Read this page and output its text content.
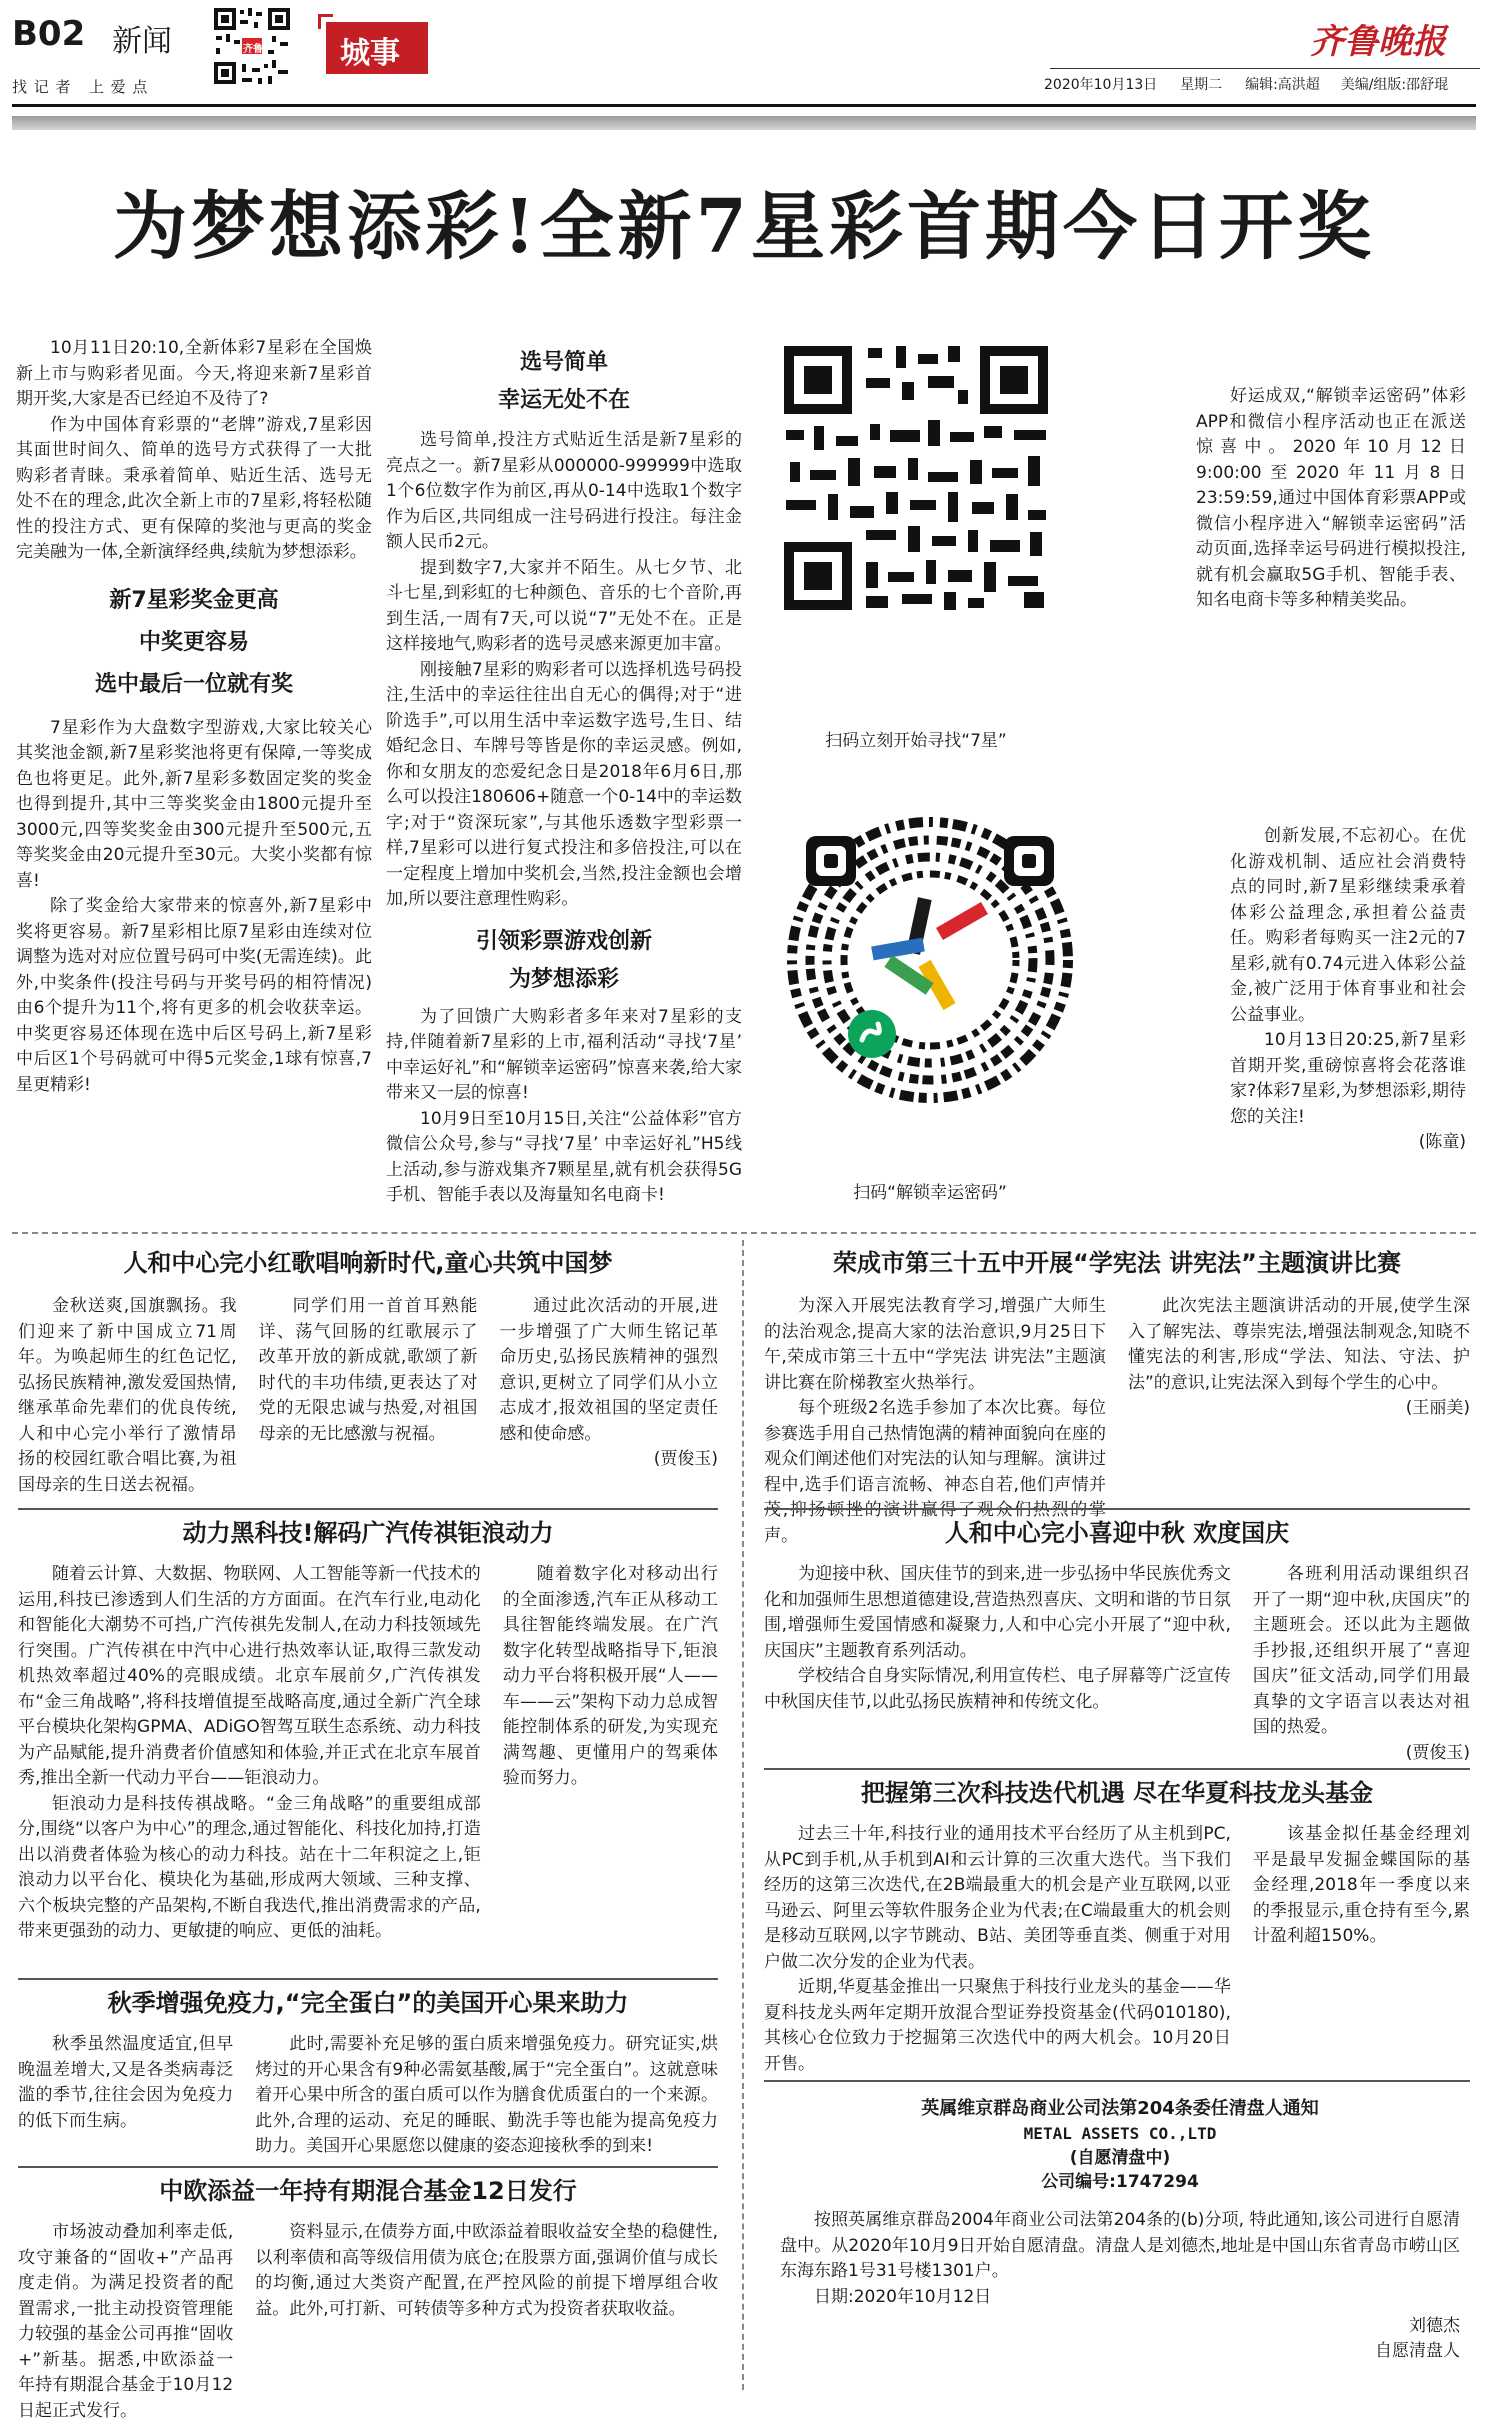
B02 新闻
找 记 者   上 爱 点
齐鲁	城事	齐鲁晚报
2020年10月13日 星期二 编辑:高洪超 美编/组版:邵舒琨
为梦想添彩!全新7星彩首期今日开奖

10月11日20:10,全新体彩7星彩在全国焕新上市与购彩者见面。今天,将迎来新7星彩首期开奖,大家是否已经迫不及待了?

作为中国体育彩票的“老牌”游戏,7星彩因其面世时间久、简单的选号方式获得了一大批购彩者青睐。秉承着简单、贴近生活、选号无处不在的理念,此次全新上市的7星彩,将轻松随性的投注方式、更有保障的奖池与更高的奖金完美融为一体,全新演绎经典,续航为梦想添彩。

新7星彩奖金更高
中奖更容易
选中最后一位就有奖

7星彩作为大盘数字型游戏,大家比较关心其奖池金额,新7星彩奖池将更有保障,一等奖成色也将更足。此外,新7星彩多数固定奖的奖金也得到提升,其中三等奖奖金由1800元提升至3000元,四等奖奖金由300元提升至500元,五等奖奖金由20元提升至30元。大奖小奖都有惊喜!

除了奖金给大家带来的惊喜外,新7星彩中奖将更容易。新7星彩相比原7星彩由连续对位调整为选对对应位置号码可中奖(无需连续)。此外,中奖条件(投注号码与开奖号码的相符情况)由6个提升为11个,将有更多的机会收获幸运。中奖更容易还体现在选中后区号码上,新7星彩中后区1个号码就可中得5元奖金,1球有惊喜,7星更精彩!

选号简单
幸运无处不在

选号简单,投注方式贴近生活是新7星彩的亮点之一。新7星彩从000000-999999中选取1个6位数字作为前区,再从0-14中选取1个数字作为后区,共同组成一注号码进行投注。每注金额人民币2元。

提到数字7,大家并不陌生。从七夕节、北斗七星,到彩虹的七种颜色、音乐的七个音阶,再到生活,一周有7天,可以说“7”无处不在。正是这样接地气,购彩者的选号灵感来源更加丰富。

刚接触7星彩的购彩者可以选择机选号码投注,生活中的幸运往往出自无心的偶得;对于“进阶选手”,可以用生活中幸运数字选号,生日、结婚纪念日、车牌号等皆是你的幸运灵感。例如,你和女朋友的恋爱纪念日是2018年6月6日,那么可以投注180606+随意一个0-14中的幸运数字;对于“资深玩家”,与其他乐透数字型彩票一样,7星彩可以进行复式投注和多倍投注,可以在一定程度上增加中奖机会,当然,投注金额也会增加,所以要注意理性购彩。

引领彩票游戏创新
为梦想添彩

为了回馈广大购彩者多年来对7星彩的支持,伴随着新7星彩的上市,福利活动“寻找‘7星’ 中幸运好礼”和“解锁幸运密码”惊喜来袭,给大家带来又一层的惊喜!

10月9日至10月15日,关注“公益体彩”官方微信公众号,参与“寻找‘7星’ 中幸运好礼”H5线上活动,参与游戏集齐7颗星星,就有机会获得5G手机、智能手表以及海量知名电商卡!

扫码立刻开始寻找“7星”
扫码“解锁幸运密码”

好运成双,“解锁幸运密码”体彩APP和微信小程序活动也正在派送惊喜中。2020年10月12日9:00:00至2020年11月8日23:59:59,通过中国体育彩票APP或微信小程序进入“解锁幸运密码”活动页面,选择幸运号码进行模拟投注,就有机会赢取5G手机、智能手表、知名电商卡等多种精美奖品。

创新发展,不忘初心。在优化游戏机制、适应社会消费特点的同时,新7星彩继续秉承着体彩公益理念,承担着公益责任。购彩者每购买一注2元的7星彩,就有0.74元进入体彩公益金,被广泛用于体育事业和社会公益事业。

10月13日20:25,新7星彩首期开奖,重磅惊喜将会花落谁家?体彩7星彩,为梦想添彩,期待您的关注!

(陈童)
人和中心完小红歌唱响新时代,童心共筑中国梦

金秋送爽,国旗飘扬。我们迎来了新中国成立71周年。为唤起师生的红色记忆,弘扬民族精神,激发爱国热情,继承革命先辈们的优良传统,人和中心完小举行了激情昂扬的校园红歌合唱比赛,为祖国母亲的生日送去祝福。

同学们用一首首耳熟能详、荡气回肠的红歌展示了改革开放的新成就,歌颂了新时代的丰功伟绩,更表达了对党的无限忠诚与热爱,对祖国母亲的无比感激与祝福。

通过此次活动的开展,进一步增强了广大师生铭记革命历史,弘扬民族精神的强烈意识,更树立了同学们从小立志成才,报效祖国的坚定责任感和使命感。

(贾俊玉)
动力黑科技!解码广汽传祺钜浪动力

随着云计算、大数据、物联网、人工智能等新一代技术的运用,科技已渗透到人们生活的方方面面。在汽车行业,电动化和智能化大潮势不可挡,广汽传祺先发制人,在动力科技领域先行突围。广汽传祺在中汽中心进行热效率认证,取得三款发动机热效率超过40%的亮眼成绩。北京车展前夕,广汽传祺发布“金三角战略”,将科技增值提至战略高度,通过全新广汽全球平台模块化架构GPMA、ADiGO智驾互联生态系统、动力科技为产品赋能,提升消费者价值感知和体验,并正式在北京车展首秀,推出全新一代动力平台——钜浪动力。

钜浪动力是科技传祺战略。“金三角战略”的重要组成部分,围绕“以客户为中心”的理念,通过智能化、科技化加持,打造出以消费者体验为核心的动力科技。站在十二年积淀之上,钜浪动力以平台化、模块化为基础,形成两大领域、三种支撑、六个板块完整的产品架构,不断自我迭代,推出消费需求的产品,带来更强劲的动力、更敏捷的响应、更低的油耗。

随着数字化对移动出行的全面渗透,汽车正从移动工具往智能终端发展。在广汽数字化转型战略指导下,钜浪动力平台将积极开展“人——车——云”架构下动力总成智能控制体系的研发,为实现充满驾趣、更懂用户的驾乘体验而努力。

秋季增强免疫力,“完全蛋白”的美国开心果来助力

秋季虽然温度适宜,但早晚温差增大,又是各类病毒泛滥的季节,往往会因为免疫力的低下而生病。

此时,需要补充足够的蛋白质来增强免疫力。研究证实,烘烤过的开心果含有9种必需氨基酸,属于“完全蛋白”。这就意味着开心果中所含的蛋白质可以作为膳食优质蛋白的一个来源。此外,合理的运动、充足的睡眠、勤洗手等也能为提高免疫力助力。美国开心果愿您以健康的姿态迎接秋季的到来!

中欧添益一年持有期混合基金12日发行

市场波动叠加利率走低,攻守兼备的“固收+”产品再度走俏。为满足投资者的配置需求,一批主动投资管理能力较强的基金公司再推“固收+”新基。据悉,中欧添益一年持有期混合基金于10月12日起正式发行。

资料显示,在债券方面,中欧添益着眼收益安全垫的稳健性,以利率债和高等级信用债为底仓;在股票方面,强调价值与成长的均衡,通过大类资产配置,在严控风险的前提下增厚组合收益。此外,可打新、可转债等多种方式为投资者获取收益。

荣成市第三十五中开展“学宪法 讲宪法”主题演讲比赛

为深入开展宪法教育学习,增强广大师生的法治观念,提高大家的法治意识,9月25日下午,荣成市第三十五中“学宪法 讲宪法”主题演讲比赛在阶梯教室火热举行。

每个班级2名选手参加了本次比赛。每位参赛选手用自己热情饱满的精神面貌向在座的观众们阐述他们对宪法的认知与理解。演讲过程中,选手们语言流畅、神态自若,他们声情并茂,抑扬顿挫的演讲赢得了观众们热烈的掌声。

此次宪法主题演讲活动的开展,使学生深入了解宪法、尊崇宪法,增强法制观念,知晓不懂宪法的利害,形成“学法、知法、守法、护法”的意识,让宪法深入到每个学生的心中。

(王丽美)
人和中心完小喜迎中秋 欢度国庆

为迎接中秋、国庆佳节的到来,进一步弘扬中华民族优秀文化和加强师生思想道德建设,营造热烈喜庆、文明和谐的节日氛围,增强师生爱国情感和凝聚力,人和中心完小开展了“迎中秋,庆国庆”主题教育系列活动。

学校结合自身实际情况,利用宣传栏、电子屏幕等广泛宣传中秋国庆佳节,以此弘扬民族精神和传统文化。

各班利用活动课组织召开了一期“迎中秋,庆国庆”的主题班会。还以此为主题做手抄报,还组织开展了“喜迎国庆”征文活动,同学们用最真挚的文字语言以表达对祖国的热爱。

(贾俊玉)
把握第三次科技迭代机遇 尽在华夏科技龙头基金

过去三十年,科技行业的通用技术平台经历了从主机到PC,从PC到手机,从手机到AI和云计算的三次重大迭代。当下我们经历的这第三次迭代,在2B端最重大的机会是产业互联网,以亚马逊云、阿里云等软件服务企业为代表;在C端最重大的机会则是移动互联网,以字节跳动、B站、美团等垂直类、侧重于对用户做二次分发的企业为代表。

近期,华夏基金推出一只聚焦于科技行业龙头的基金——华夏科技龙头两年定期开放混合型证券投资基金(代码010180),其核心仓位致力于挖掘第三次迭代中的两大机会。10月20日开售。

该基金拟任基金经理刘平是最早发掘金蝶国际的基金经理,2018年一季度以来的季报显示,重仓持有至今,累计盈利超150%。

英属维京群岛商业公司法第204条委任清盘人通知
METAL ASSETS CO.,LTD
(自愿清盘中)
公司编号:1747294

按照英属维京群岛2004年商业公司法第204条的(b)分项, 特此通知,该公司进行自愿清盘中。从2020年10月9日开始自愿清盘。清盘人是刘德杰,地址是中国山东省青岛市崂山区东海东路1号31号楼1301户。

日期:2020年10月12日

刘德杰
自愿清盘人
